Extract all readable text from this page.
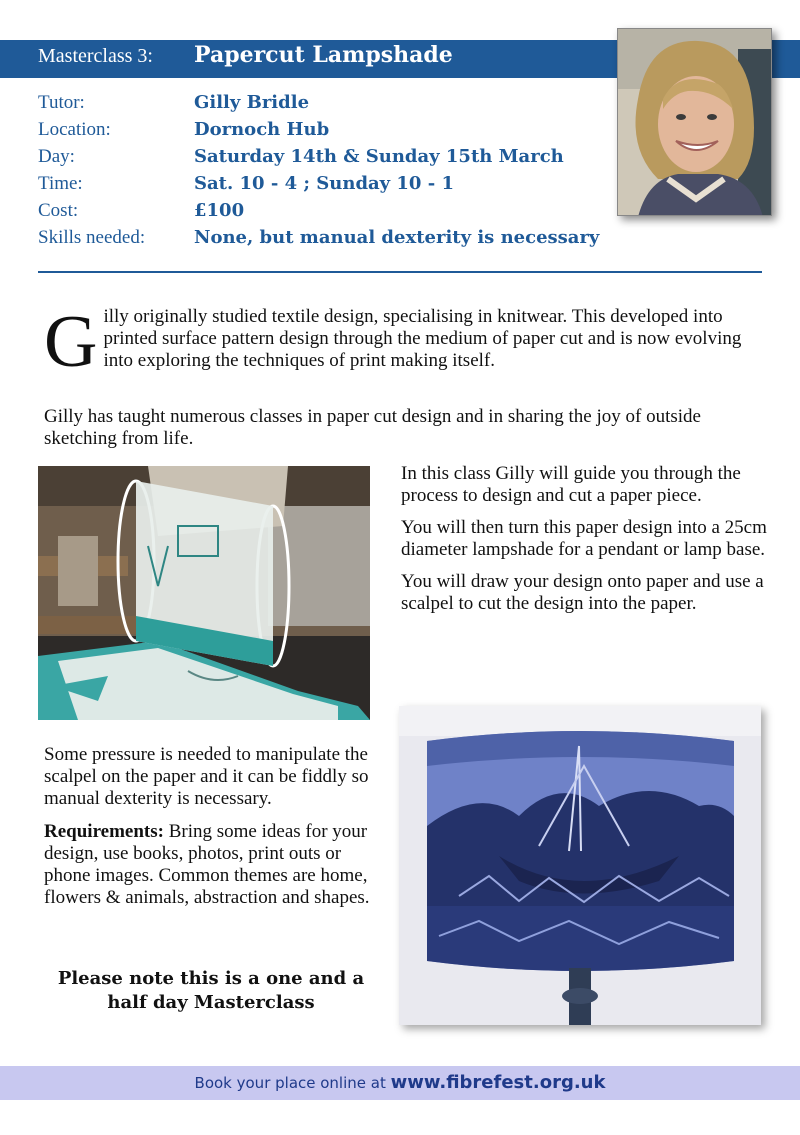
Masterclass 3: Papercut Lampshade
Tutor:	Gilly Bridle
Location:	Dornoch Hub
Day:	Saturday 14th & Sunday 15th March
Time:	Sat. 10 - 4 ; Sunday 10 - 1
Cost:	£100
Skills needed:	None, but manual dexterity is necessary
G illy originally studied textile design, specialising in knitwear. This developed into printed surface pattern design through the medium of paper cut and is now evolving into exploring the techniques of print making itself.
Gilly has taught numerous classes in paper cut design and in sharing the joy of outside sketching from life.

In this class Gilly will guide you through the process to design and cut a paper piece.

You will then turn this paper design into a 25cm diameter lampshade for a pendant or lamp base.

You will draw your design onto paper and use a scalpel to cut the design into the paper.

Some pressure is needed to manipulate the scalpel on the paper and it can be fiddly so manual dexterity is necessary.

Requirements: Bring some ideas for your design, use books, photos, print outs or phone images. Common themes are home, flowers & animals, abstraction and shapes.

Please note this is a one and a half day Masterclass
Book your place online at www.fibrefest.org.uk
